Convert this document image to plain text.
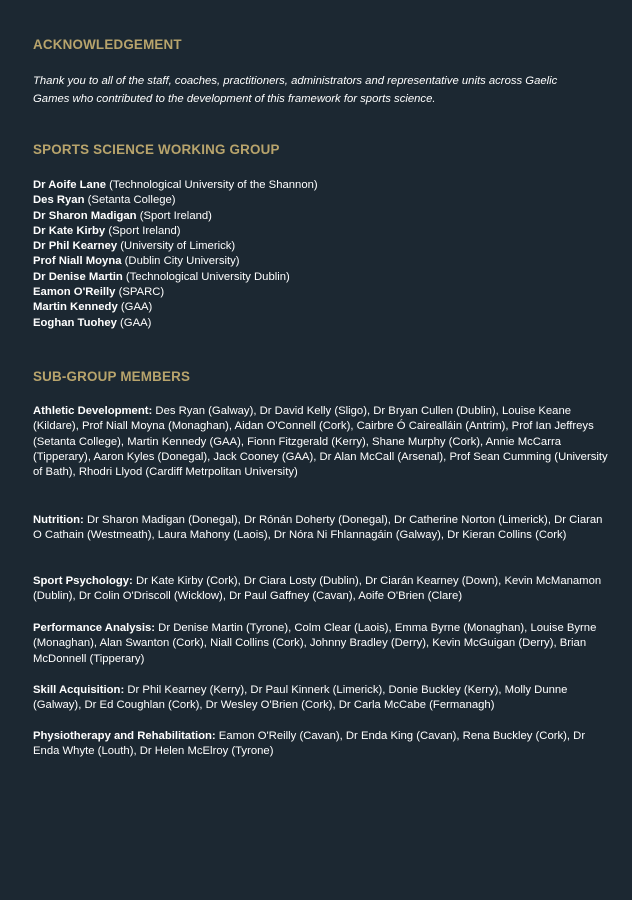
ACKNOWLEDGEMENT

Thank you to all of the staff, coaches, practitioners, administrators and representative units across Gaelic Games who contributed to the development of this framework for sports science.

SPORTS SCIENCE WORKING GROUP
Dr Aoife Lane (Technological University of the Shannon)
Des Ryan (Setanta College)
Dr Sharon Madigan (Sport Ireland)
Dr Kate Kirby (Sport Ireland)
Dr Phil Kearney (University of Limerick)
Prof Niall Moyna (Dublin City University)
Dr Denise Martin (Technological University Dublin)
Eamon O'Reilly (SPARC)
Martin Kennedy (GAA)
Eoghan Tuohey (GAA)
SUB-GROUP MEMBERS

Athletic Development: Des Ryan (Galway), Dr David Kelly (Sligo), Dr Bryan Cullen (Dublin), Louise Keane (Kildare), Prof Niall Moyna (Monaghan), Aidan O'Connell (Cork), Cairbre Ó Cairealláin (Antrim), Prof Ian Jeffreys (Setanta College), Martin Kennedy (GAA), Fionn Fitzgerald (Kerry), Shane Murphy (Cork), Annie McCarra (Tipperary), Aaron Kyles (Donegal), Jack Cooney (GAA), Dr Alan McCall (Arsenal), Prof Sean Cumming (University of Bath), Rhodri Llyod (Cardiff Metrpolitan University)

Nutrition: Dr Sharon Madigan (Donegal), Dr Rónán Doherty (Donegal), Dr Catherine Norton (Limerick), Dr Ciaran O Cathain (Westmeath), Laura Mahony (Laois), Dr Nóra Ni Fhlannagáin (Galway), Dr Kieran Collins (Cork)

Sport Psychology: Dr Kate Kirby (Cork), Dr Ciara Losty (Dublin), Dr Ciarán Kearney (Down), Kevin McManamon (Dublin), Dr Colin O'Driscoll (Wicklow), Dr Paul Gaffney (Cavan), Aoife O'Brien (Clare)

Performance Analysis: Dr Denise Martin (Tyrone), Colm Clear (Laois), Emma Byrne (Monaghan), Louise Byrne (Monaghan), Alan Swanton (Cork), Niall Collins (Cork), Johnny Bradley (Derry), Kevin McGuigan (Derry), Brian McDonnell (Tipperary)

Skill Acquisition: Dr Phil Kearney (Kerry), Dr Paul Kinnerk (Limerick), Donie Buckley (Kerry), Molly Dunne (Galway), Dr Ed Coughlan (Cork), Dr Wesley O'Brien (Cork), Dr Carla McCabe (Fermanagh)

Physiotherapy and Rehabilitation: Eamon O'Reilly (Cavan), Dr Enda King (Cavan), Rena Buckley (Cork), Dr Enda Whyte (Louth), Dr Helen McElroy (Tyrone)
